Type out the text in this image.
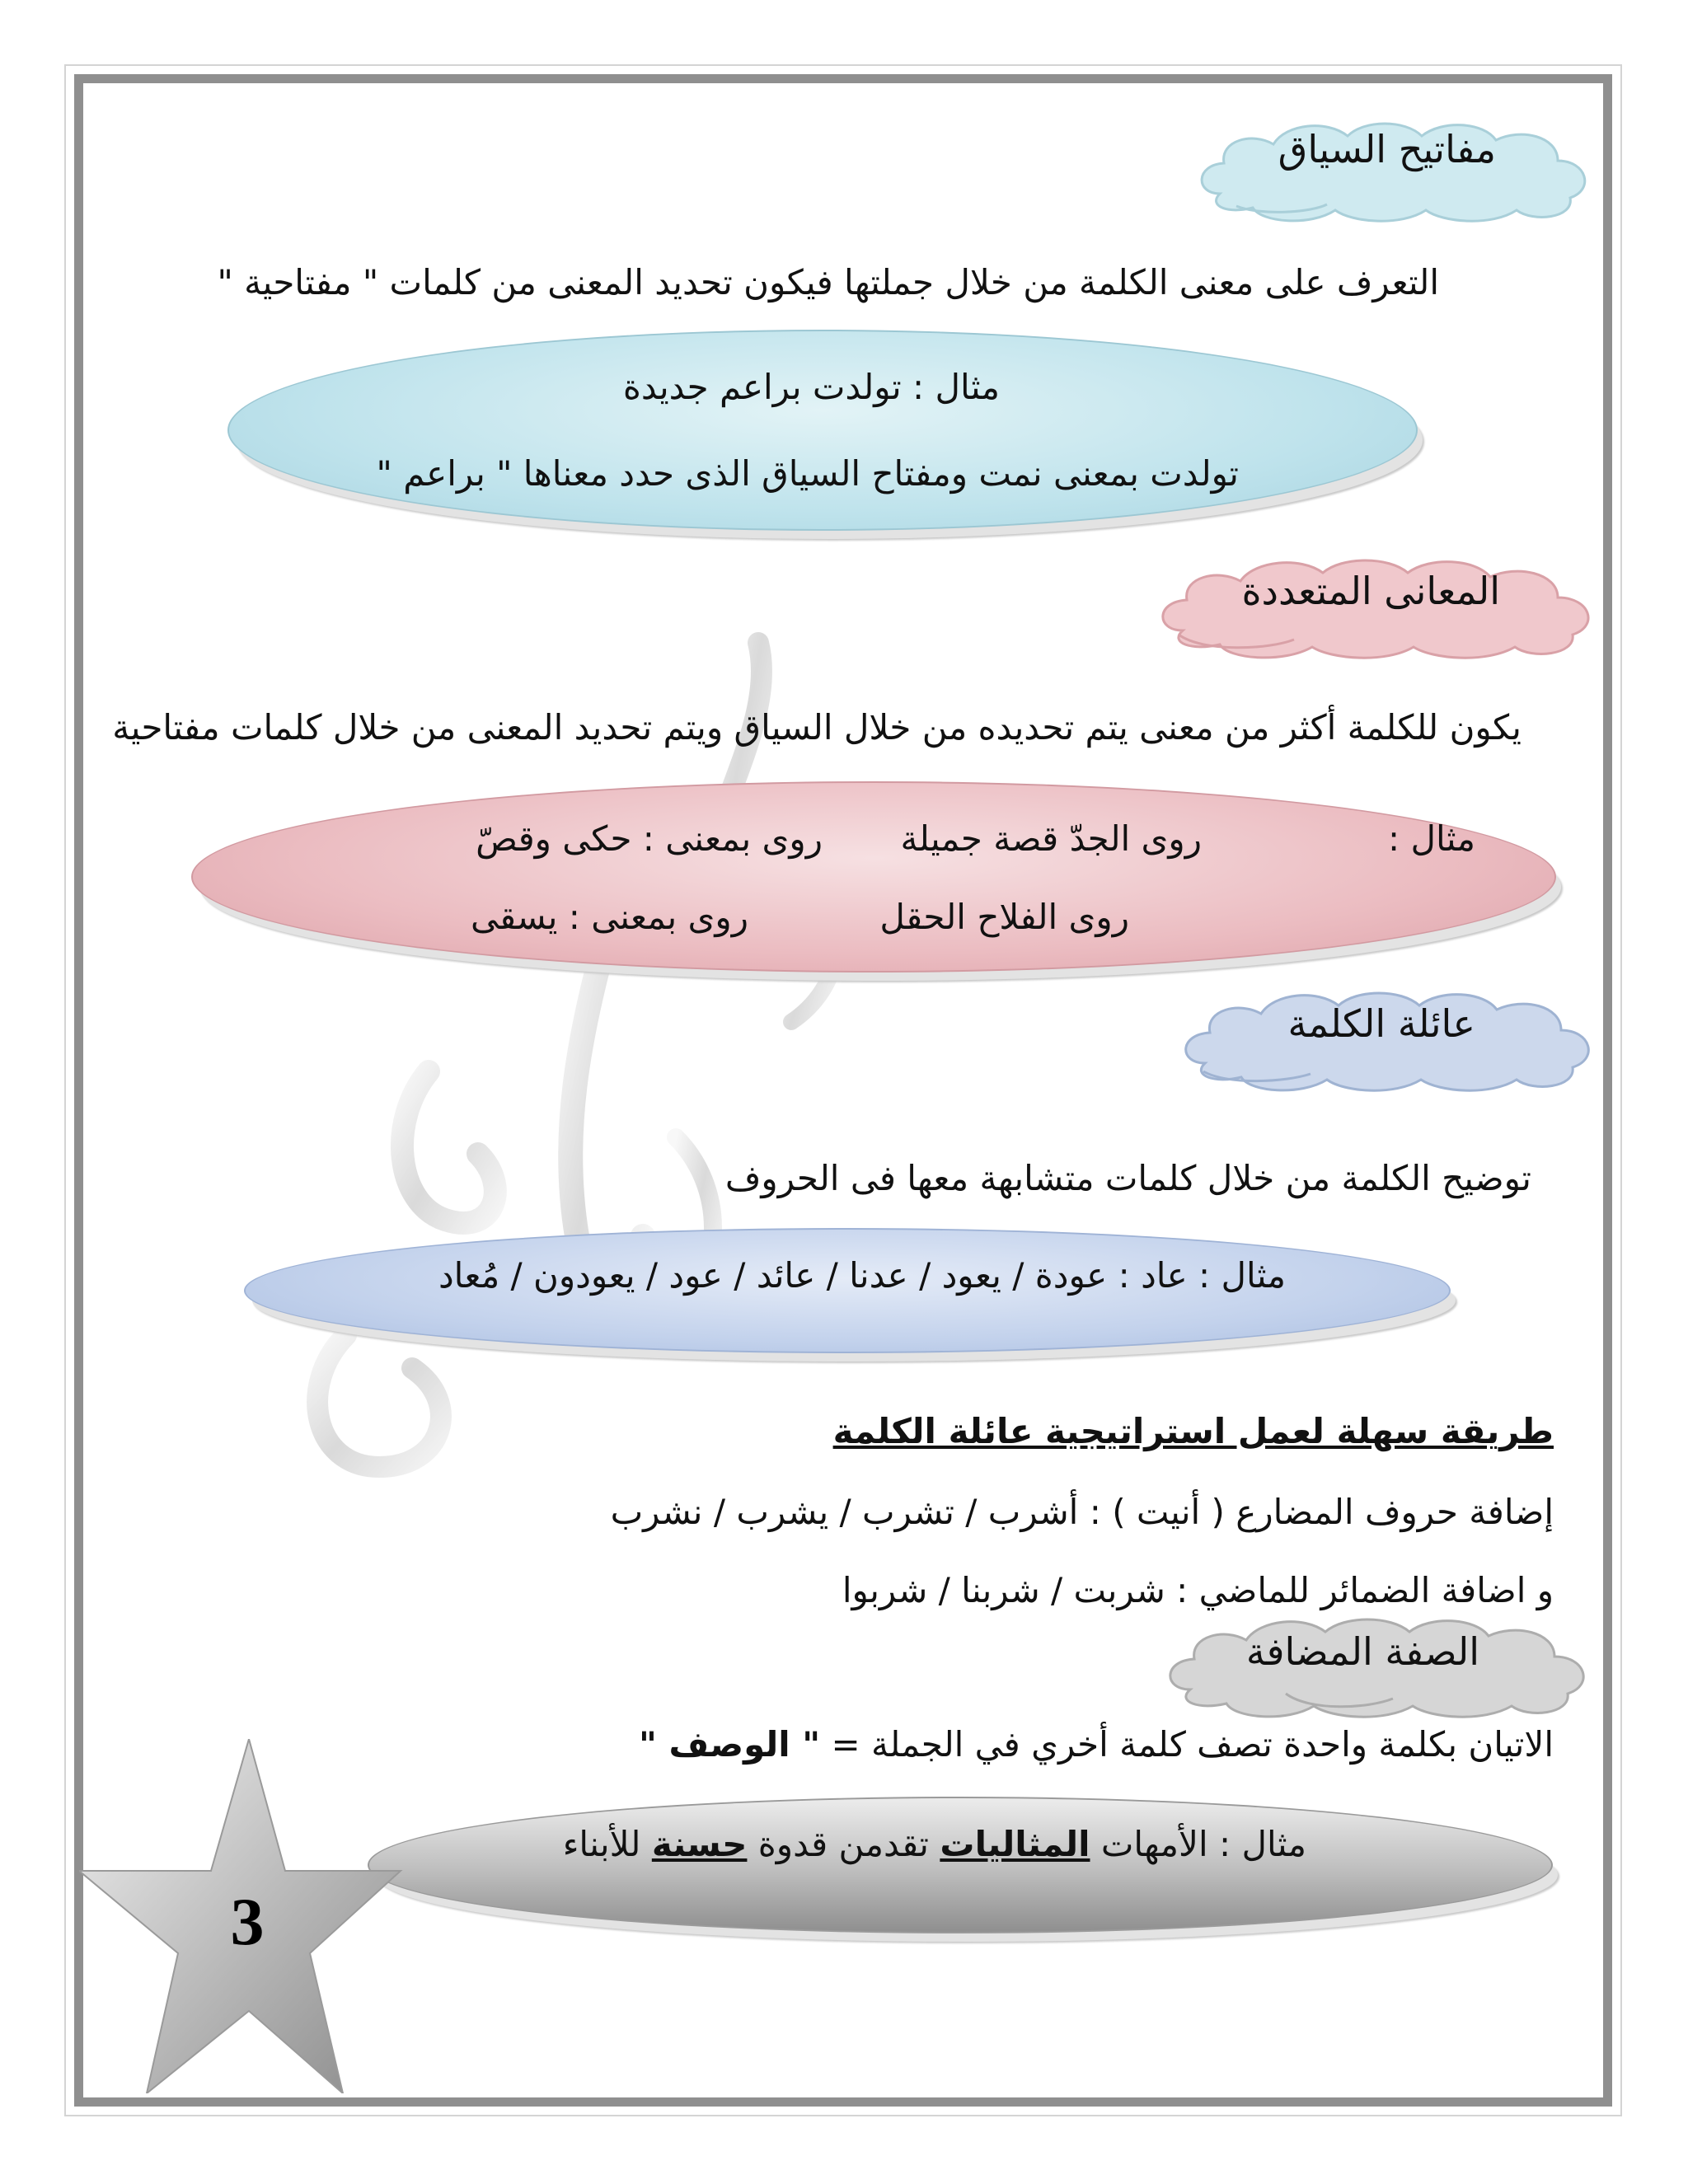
مفاتيح السياق
التعرف على معنى الكلمة من خلال جملتها فيكون تحديد المعنى من كلمات " مفتاحية "
مثال : تولدت براعم جديدة
تولدت بمعنى نمت ومفتاح السياق الذى حدد معناها " براعم "
المعانى المتعددة
يكون للكلمة أكثر من معنى يتم تحديده من خلال السياق ويتم تحديد المعنى من خلال كلمات مفتاحية
مثال :
روى الجدّ قصة جميلة
روى بمعنى : حكى وقصّ
روى الفلاح الحقل
روى بمعنى : يسقى
عائلة الكلمة
توضيح الكلمة من خلال كلمات متشابهة معها فى الحروف
مثال : عاد : عودة / يعود / عدنا / عائد / عود / يعودون / مُعاد
طريقة سهلة لعمل استراتيجية عائلة الكلمة
إضافة حروف المضارع ( أنيت ) : أشرب / تشرب / يشرب / نشرب
و اضافة الضمائر للماضي : شربت / شربنا / شربوا
الصفة المضافة
الاتيان بكلمة واحدة تصف كلمة أخري في الجملة = " الوصف "
مثال : الأمهات المثاليات تقدمن قدوة حسنة للأبناء
3
